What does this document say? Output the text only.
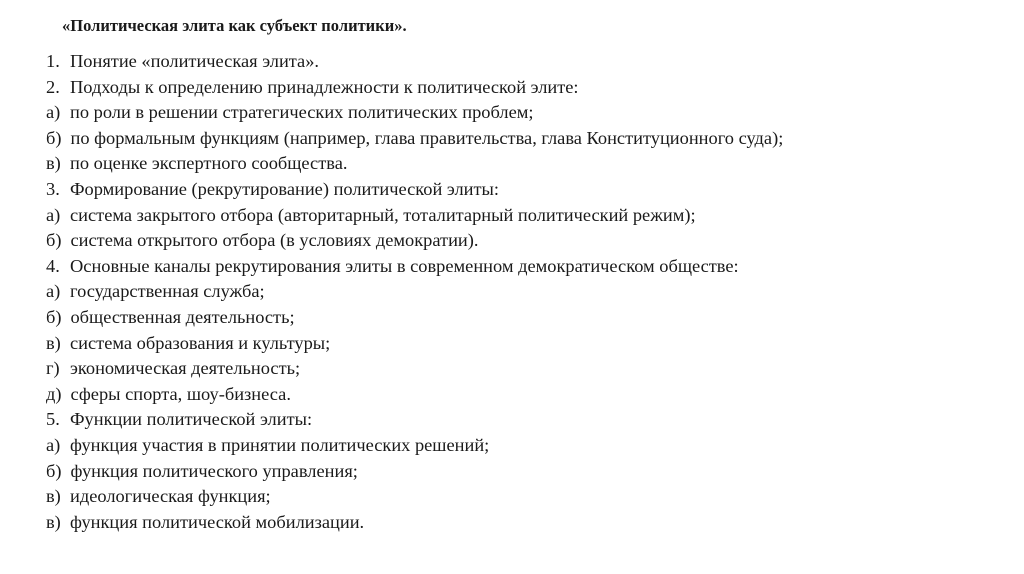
«Политическая элита как субъект политики».
1. Понятие «политическая элита».
2. Подходы к определению принадлежности к политической элите:
а) по роли в решении стратегических политических проблем;
б) по формальным функциям (например, глава правительства, глава Конституционного суда);
в) по оценке экспертного сообщества.
3. Формирование (рекрутирование) политической элиты:
а) система закрытого отбора (авторитарный, тоталитарный политический режим);
б) система открытого отбора (в условиях демократии).
4. Основные каналы рекрутирования элиты в современном демократическом обществе:
а) государственная служба;
б) общественная деятельность;
в) система образования и культуры;
г) экономическая деятельность;
д) сферы спорта, шоу-бизнеса.
5. Функции политической элиты:
а) функция участия в принятии политических решений;
б) функция политического управления;
в) идеологическая функция;
в) функция политической мобилизации.
